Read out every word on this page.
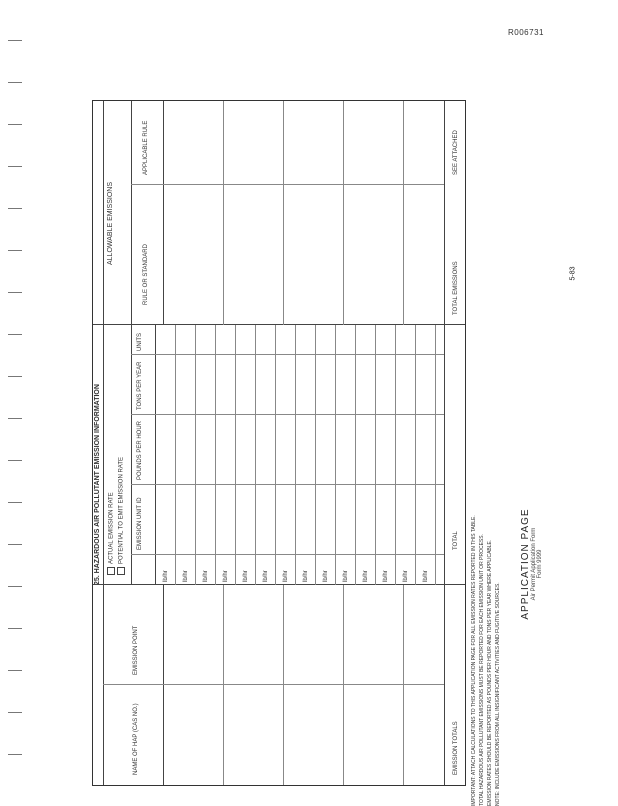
R006731
25. HAZARDOUS AIR POLLUTANT EMISSION INFORMATION
NAME OF HAP (CAS NO.)
EMISSION POINT
ACTUAL EMISSION RATE POTENTIAL TO EMIT EMISSION RATE EMISSION UNIT ID
POUNDS PER HOUR
TONS PER YEAR
UNITS
lb/hr lb/hr lb/hr lb/hr lb/hr lb/hr lb/hr lb/hr lb/hr lb/hr lb/hr lb/hr lb/hr lb/hr
ALLOWABLE EMISSIONS
RULE OR STANDARD
APPLICABLE RULE
EMISSION TOTALS
TOTAL
TOTAL EMISSIONS
SEE ATTACHED
IMPORTANT: ATTACH CALCULATIONS TO THIS APPLICATION PAGE FOR ALL EMISSION RATES REPORTED IN THIS TABLE. TOTAL HAZARDOUS AIR POLLUTANT EMISSIONS MUST BE REPORTED FOR EACH EMISSION UNIT OR PROCESS. EMISSION RATES SHOULD BE REPORTED AS POUNDS PER HOUR AND TONS PER YEAR WHERE APPLICABLE. NOTE: INCLUDE EMISSIONS FROM ALL INSIGNIFICANT ACTIVITIES AND FUGITIVE SOURCES.
APPLICATION PAGE Air Permit Application Form Form 9999
5-83
